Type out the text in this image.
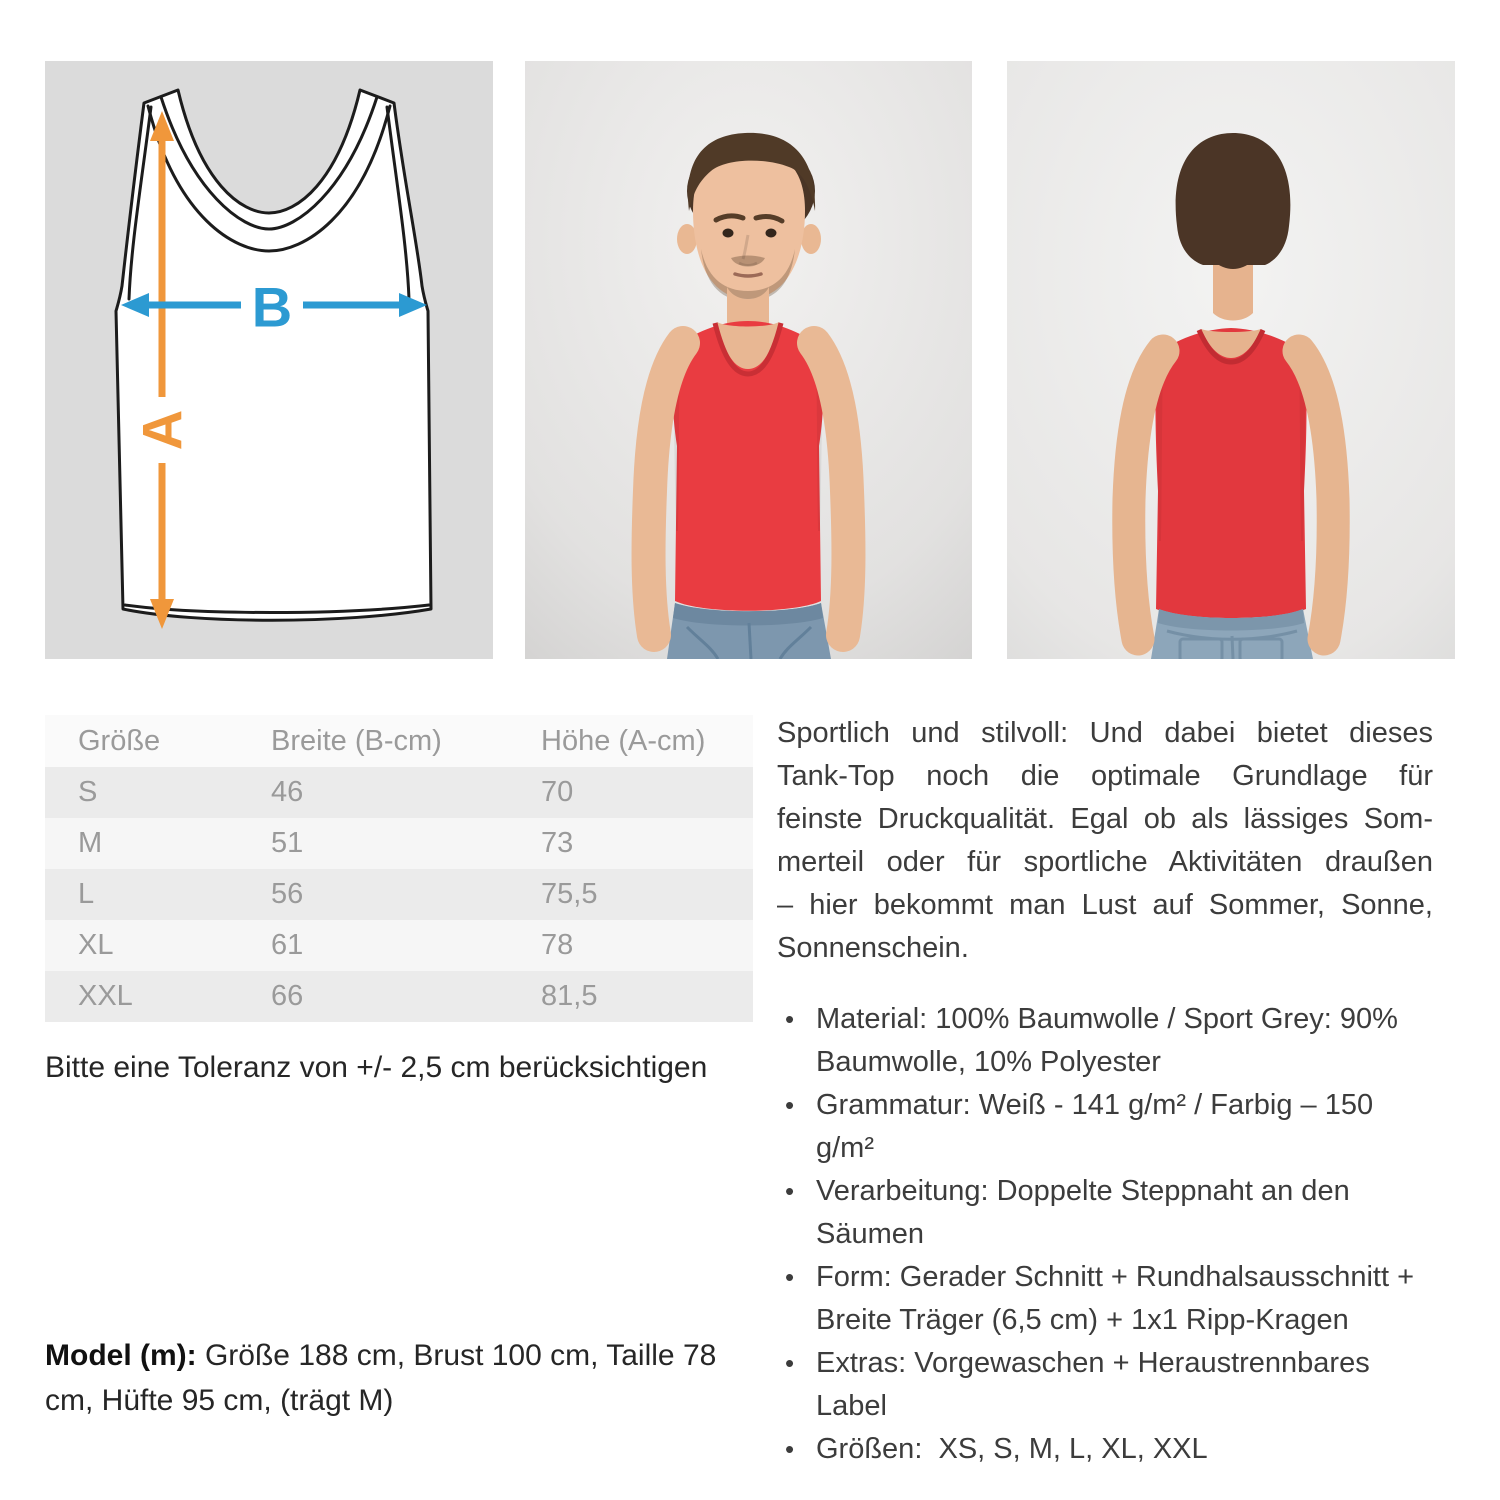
A
B
Größe	Breite (B-cm)	Höhe (A-cm)
S	46	70
M	51	73
L	56	75,5
XL	61	78
XXL	66	81,5
Bitte eine Toleranz von +/- 2,5 cm berücksichtigen
Model (m): Größe 188 cm, Brust 100 cm, Taille 78 cm, Hüfte 95 cm, (trägt M)
Sportlich und stilvoll: Und dabei bietet dieses
Tank-Top noch die optimale Grundlage für
feinste Druckqualität. Egal ob als lässiges Som-
merteil oder für sportliche Aktivitäten draußen
– hier bekommt man Lust auf Sommer, Sonne,
Sonnenschein.
• Material: 100% Baumwolle / Sport Grey: 90% Baumwolle, 10% Polyester
• Grammatur: Weiß - 141 g/m² / Farbig – 150 g/m²
• Verarbeitung: Doppelte Steppnaht an den Säumen
• Form: Gerader Schnitt + Rundhalsausschnitt + Breite Träger (6,5 cm) + 1x1 Ripp-Kragen
• Extras: Vorgewaschen + Heraustrennbares Label
• Größen:  XS, S, M, L, XL, XXL
